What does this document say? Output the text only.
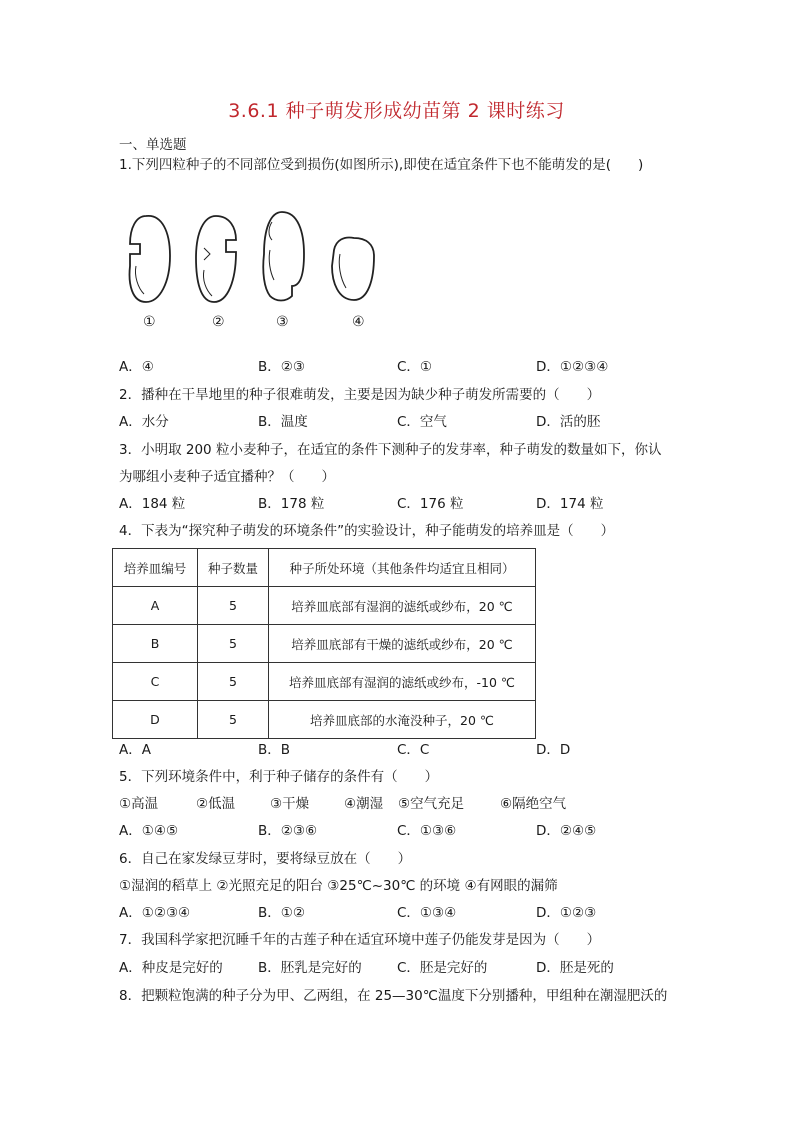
3.6.1 种子萌发形成幼苗第 2 课时练习
一、单选题
1.下列四粒种子的不同部位受到损伤(如图所示),即使在适宜条件下也不能萌发的是(　　)
①	②	③	④
A．④	B．②③	C．①	D．①②③④
2．播种在干旱地里的种子很难萌发，主要是因为缺少种子萌发所需要的（　　）
A．水分	B．温度	C．空气	D．活的胚
3．小明取 200 粒小麦种子，在适宜的条件下测种子的发芽率，种子萌发的数量如下，你认
为哪组小麦种子适宜播种？（　　）
A．184 粒	B．178 粒	C．176 粒	D．174 粒
4．下表为“探究种子萌发的环境条件”的实验设计，种子能萌发的培养皿是（　　）
培养皿编号	种子数量	种子所处环境（其他条件均适宜且相同）
A	5	培养皿底部有湿润的滤纸或纱布，20 ℃
B	5	培养皿底部有干燥的滤纸或纱布，20 ℃
C	5	培养皿底部有湿润的滤纸或纱布，-10 ℃
D	5	培养皿底部的水淹没种子，20 ℃
A．A	B．B	C．C	D．D
5．下列环境条件中，利于种子储存的条件有（　　）
①高温	②低温	③干燥	④潮湿 ⑤空气充足	⑥隔绝空气
A．①④⑤	B．②③⑥	C．①③⑥	D．②④⑤
6．自己在家发绿豆芽时，要将绿豆放在（　　）
①湿润的稻草上 ②光照充足的阳台 ③25℃~30℃ 的环境 ④有网眼的漏筛
A．①②③④	B．①②	C．①③④	D．①②③
7．我国科学家把沉睡千年的古莲子种在适宜环境中莲子仍能发芽是因为（　　）
A．种皮是完好的	B．胚乳是完好的	C．胚是完好的	D．胚是死的
8．把颗粒饱满的种子分为甲、乙两组，在 25—30℃温度下分别播种，甲组种在潮湿肥沃的
